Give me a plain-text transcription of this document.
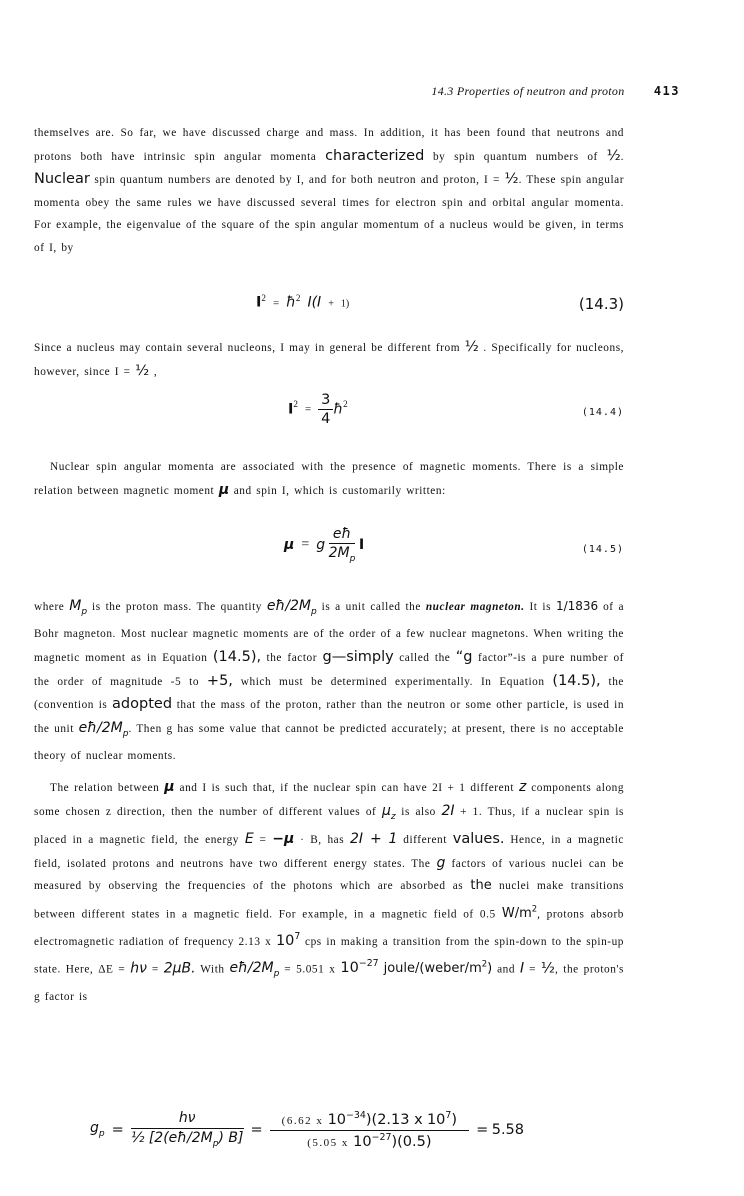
14.3 Properties of neutron and proton 413
themselves are. So far, we have discussed charge and mass. In addition, it has been found that neutrons and protons both have intrinsic spin angular momenta characterized by spin quantum numbers of ½. Nuclear spin quantum numbers are denoted by I, and for both neutron and proton, I = ½. These spin angular momenta obey the same rules we have discussed several times for electron spin and orbital angular momenta. For example, the eigenvalue of the square of the spin angular momentum of a nucleus would be given, in terms of I, by
$I^2$ = $ħ^2$ I(I + 1)	(14.3)
Since a nucleus may contain several nucleons, I may in general be different from ½ . Specifically for nucleons, however, since I = ½ ,
$I^2 = \frac{3}{4}$ $ħ^2$
(14.4)
Nuclear spin angular momenta are associated with the presence of magnetic moments. There is a simple relation between magnetic moment μ and spin I, which is customarily written:
μ = g $\frac{eħ}{2M_p}$ I	(14.5)
where $M_p$ is the proton mass. The quantity $eħ/2M_p$ is a unit called the nuclear magneton. It is 1/1836 of a Bohr magneton. Most nuclear magnetic moments are of the order of a few nuclear magnetons. When writing the magnetic moment as in Equation (14.5), the factor g—simply called the “g factor”-is a pure number of the order of magnitude -5 to +5, which must be determined experimentally. In Equation (14.5), the (convention is adopted that the mass of the proton, rather than the neutron or some other particle, is used in the unit $eħ/2M_p$. Then g has some value that cannot be predicted accurately; at present, there is no acceptable theory of nuclear moments.
The relation between μ and I is such that, if the nuclear spin can have 2I + 1 different z components along some chosen z direction, then the number of different values of $\mu_z$ is also 2I + 1. Thus, if a nuclear spin is placed in a magnetic field, the energy E = −μ · B, has 2I + 1 different values. Hence, in a magnetic field, isolated protons and neutrons have two different energy states. The g factors of various nuclei can be measured by observing the frequencies of the photons which are absorbed as the nuclei make transitions between different states in a magnetic field. For example, in a magnetic field of 0.5 $W/m^2$, protons absorb electromagnetic radiation of frequency 2.13 x $10^7$ cps in making a transition from the spin-down to the spin-up state. Here, ΔE = hν = 2μB. With $eħ/2M_p = 5.051$ x $10^{-27}$ joule/$(weber/m^2)$ and I = ½, the proton's g factor is
$g_p = \frac{h\nu}{\frac{1}{2} [2(eħ/2M_p) B]} = \frac{(6.62 x 10^{-34})(2.13 x 10^7)}{(5.05 x 10^{-27})(0.5)} = 5.58$
